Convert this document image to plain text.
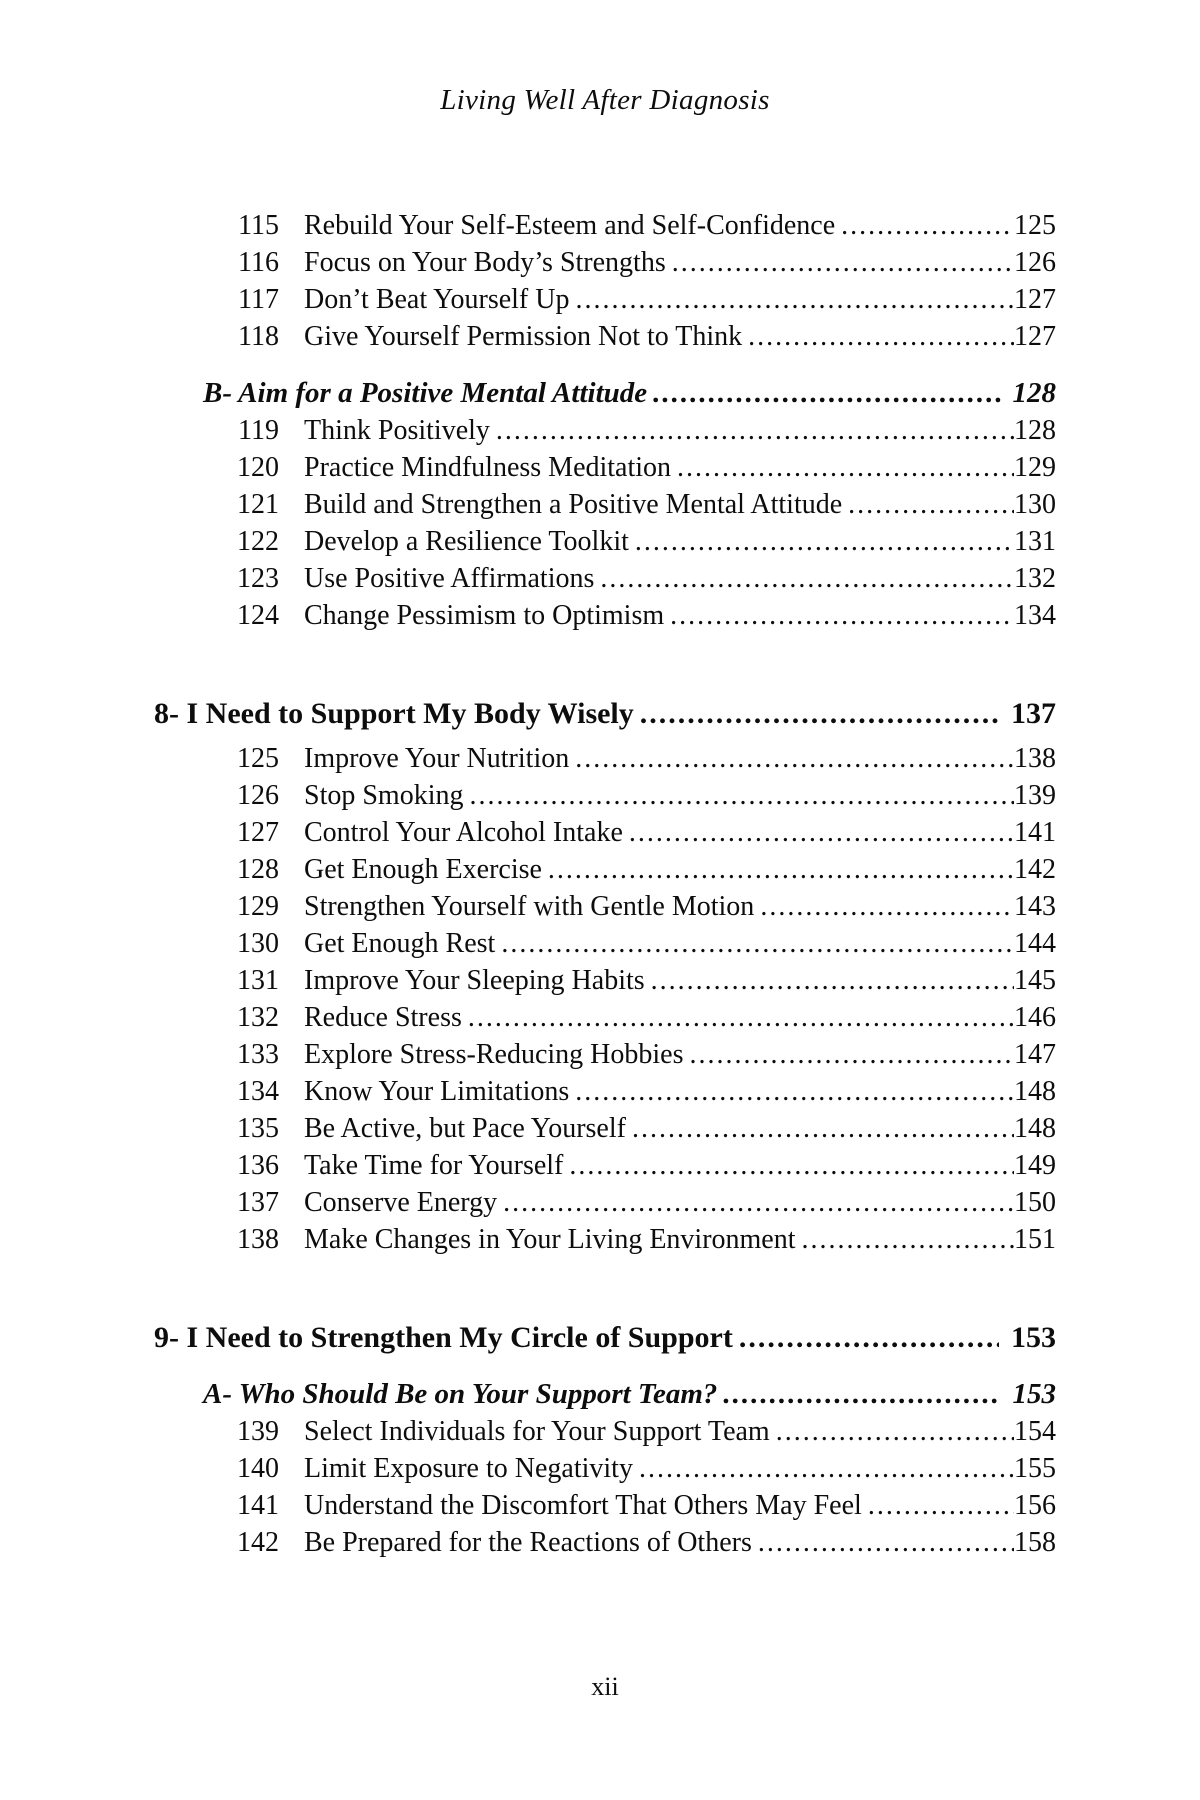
Living Well After Diagnosis
115 Rebuild Your Self-Esteem and Self-Confidence .....	125
116 Focus on Your Body’s Strengths .....	126
117 Don’t Beat Yourself Up .....	127
118 Give Yourself Permission Not to Think .....	127
B- Aim for a Positive Mental Attitude .....	128
119 Think Positively .....	128
120 Practice Mindfulness Meditation .....	129
121 Build and Strengthen a Positive Mental Attitude .....	130
122 Develop a Resilience Toolkit .....	131
123 Use Positive Affirmations .....	132
124 Change Pessimism to Optimism .....	134
8- I Need to Support My Body Wisely .....	137
125 Improve Your Nutrition .....	138
126 Stop Smoking .....	139
127 Control Your Alcohol Intake .....	141
128 Get Enough Exercise .....	142
129 Strengthen Yourself with Gentle Motion .....	143
130 Get Enough Rest .....	144
131 Improve Your Sleeping Habits .....	145
132 Reduce Stress .....	146
133 Explore Stress-Reducing Hobbies .....	147
134 Know Your Limitations .....	148
135 Be Active, but Pace Yourself .....	148
136 Take Time for Yourself .....	149
137 Conserve Energy .....	150
138 Make Changes in Your Living Environment .....	151
9- I Need to Strengthen My Circle of Support .....	153
A- Who Should Be on Your Support Team? .....	153
139 Select Individuals for Your Support Team .....	154
140 Limit Exposure to Negativity .....	155
141 Understand the Discomfort That Others May Feel .....	156
142 Be Prepared for the Reactions of Others .....	158
xii
